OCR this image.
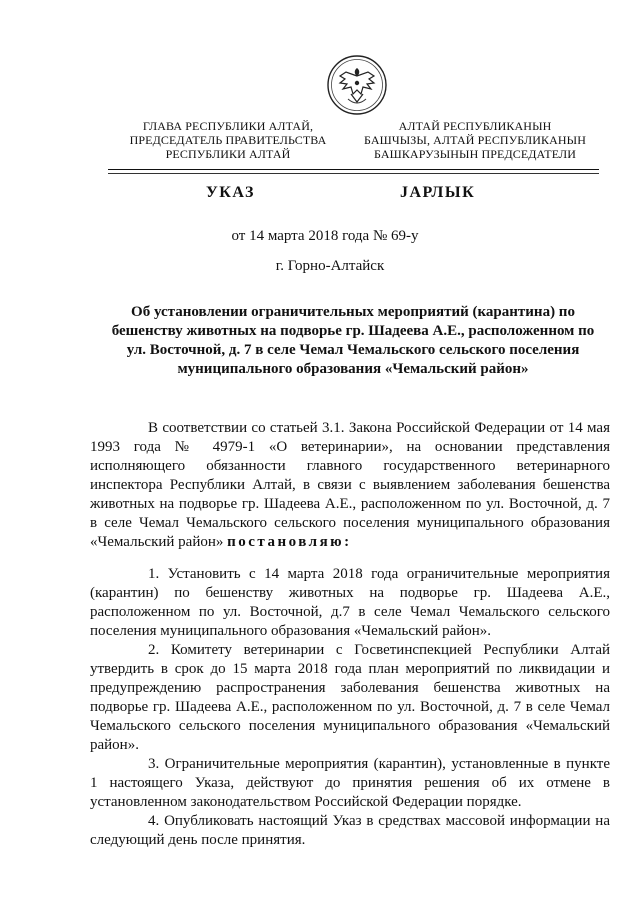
ГЛАВА РЕСПУБЛИКИ АЛТАЙ,
ПРЕДСЕДАТЕЛЬ ПРАВИТЕЛЬСТВА
РЕСПУБЛИКИ АЛТАЙ
АЛТАЙ РЕСПУБЛИКАНЫН
БАШЧЫЗЫ, АЛТАЙ РЕСПУБЛИКАНЫН
БАШКАРУЗЫНЫН ПРЕДСЕДАТЕЛИ
УКАЗ	JАРЛЫК
от 14 марта 2018 года № 69-у
г. Горно-Алтайск
Об установлении ограничительных мероприятий (карантина) по
бешенству животных на подворье гр. Шадеева А.Е., расположенном по
ул. Восточной, д. 7 в селе Чемал Чемальского сельского поселения
муниципального образования «Чемальский район»

В соответствии со статьей 3.1. Закона Российской Федерации от 14 мая 1993 года № 4979-1 «О ветеринарии», на основании представления исполняющего обязанности главного государственного ветеринарного инспектора Республики Алтай, в связи с выявлением заболевания бешенства животных на подворье гр. Шадеева А.Е., расположенном по ул. Восточной, д. 7 в селе Чемал Чемальского сельского поселения муниципального образования «Чемальский район» постановляю:

1. Установить с 14 марта 2018 года ограничительные мероприятия (карантин) по бешенству животных на подворье гр. Шадеева А.Е., расположенном по ул. Восточной, д.7 в селе Чемал Чемальского сельского поселения муниципального образования «Чемальский район».

2. Комитету ветеринарии с Госветинспекцией Республики Алтай утвердить в срок до 15 марта 2018 года план мероприятий по ликвидации и предупреждению распространения заболевания бешенства животных на подворье гр. Шадеева А.Е., расположенном по ул. Восточной, д. 7 в селе Чемал Чемальского сельского поселения муниципального образования «Чемальский район».

3. Ограничительные мероприятия (карантин), установленные в пункте 1 настоящего Указа, действуют до принятия решения об их отмене в установленном законодательством Российской Федерации порядке.

4. Опубликовать настоящий Указ в средствах массовой информации на следующий день после принятия.
